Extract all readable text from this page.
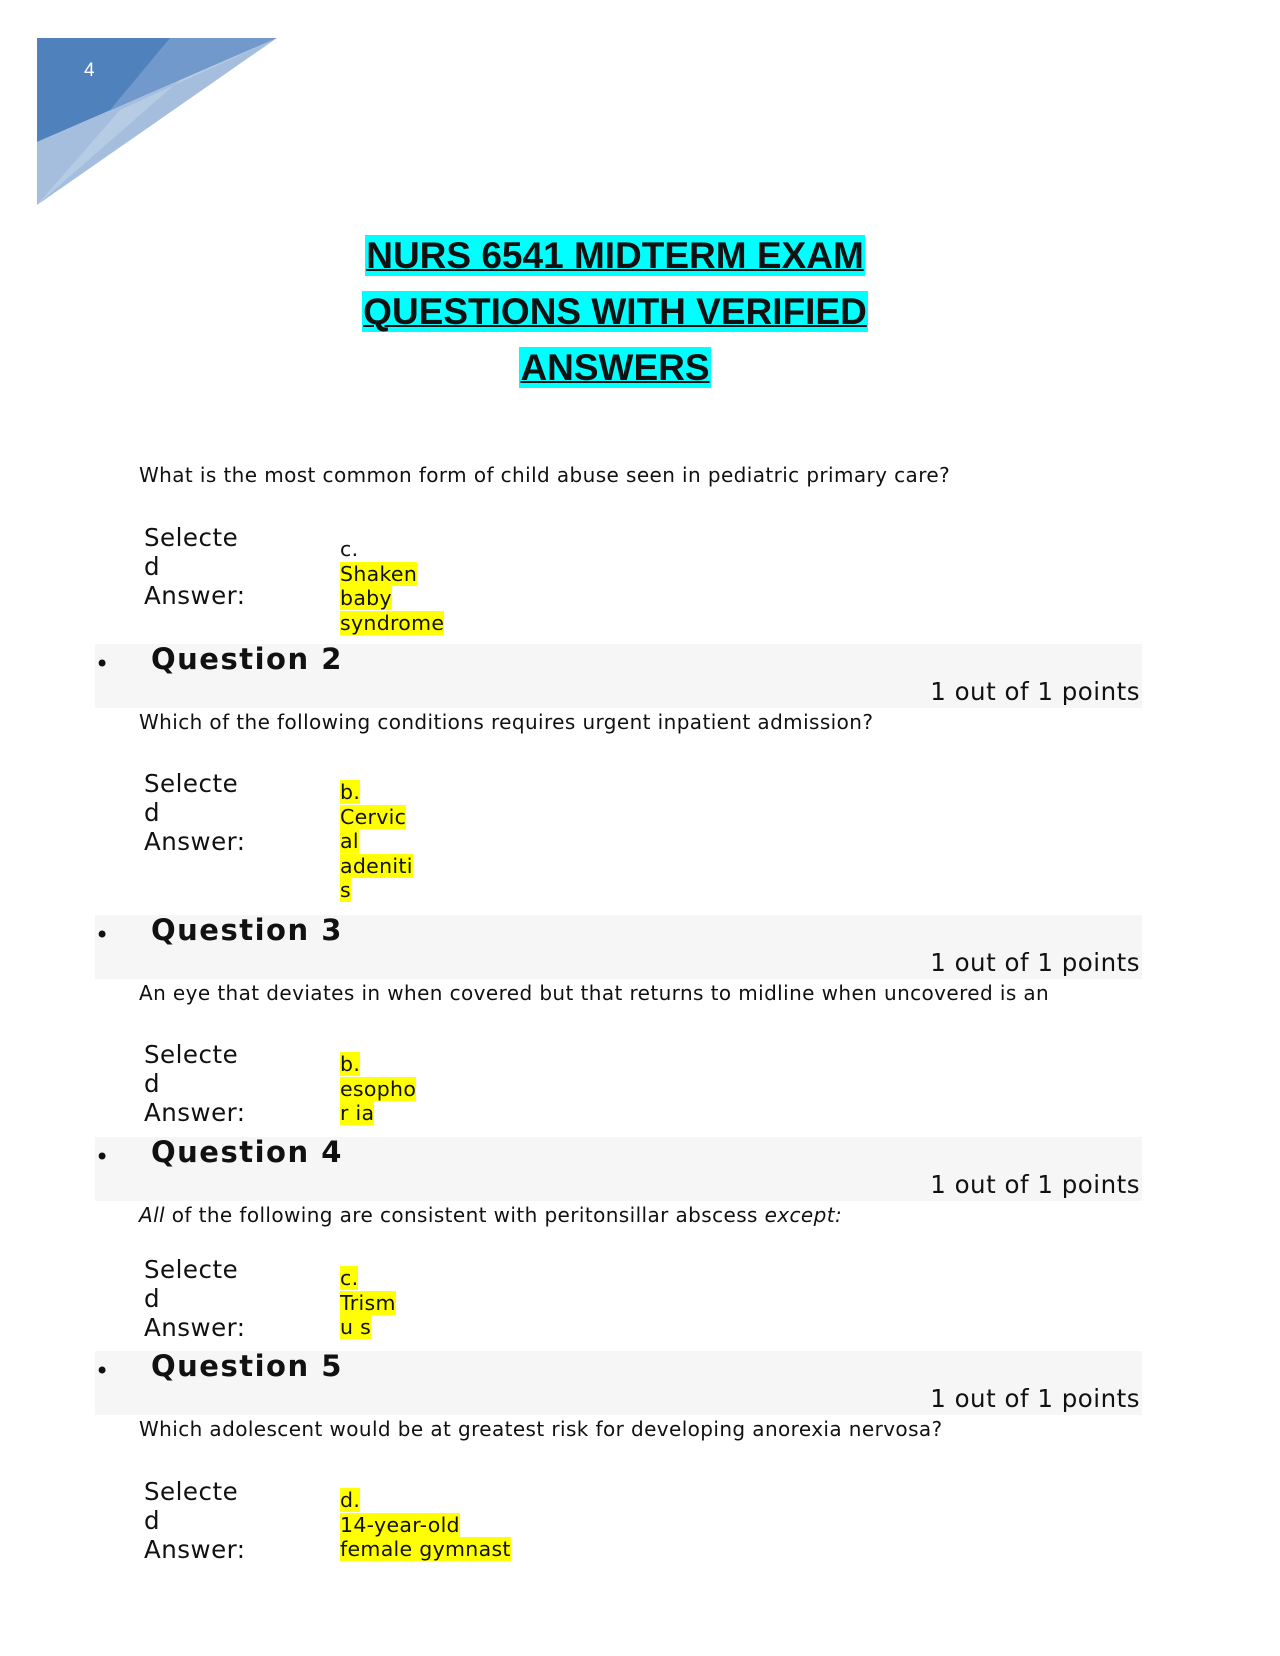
4
NURS 6541 MIDTERM EXAM
QUESTIONS WITH VERIFIED
ANSWERS
What is the most common form of child abuse seen in pediatric primary care?
Selecte
d
Answer:
c.
Shaken
baby
syndrome
• Question 2
1 out of 1 points
Which of the following conditions requires urgent inpatient admission?
Selecte
d
Answer:
b.
Cervic
al
adeniti
s
• Question 3
1 out of 1 points
An eye that deviates in when covered but that returns to midline when uncovered is an
Selecte
d
Answer:
b.
esopho
r ia
• Question 4
1 out of 1 points
All of the following are consistent with peritonsillar abscess except:
Selecte
d
Answer:
c.
Trism
u s
• Question 5
1 out of 1 points
Which adolescent would be at greatest risk for developing anorexia nervosa?
Selecte
d
Answer:
d.
14-year-old
female gymnast
